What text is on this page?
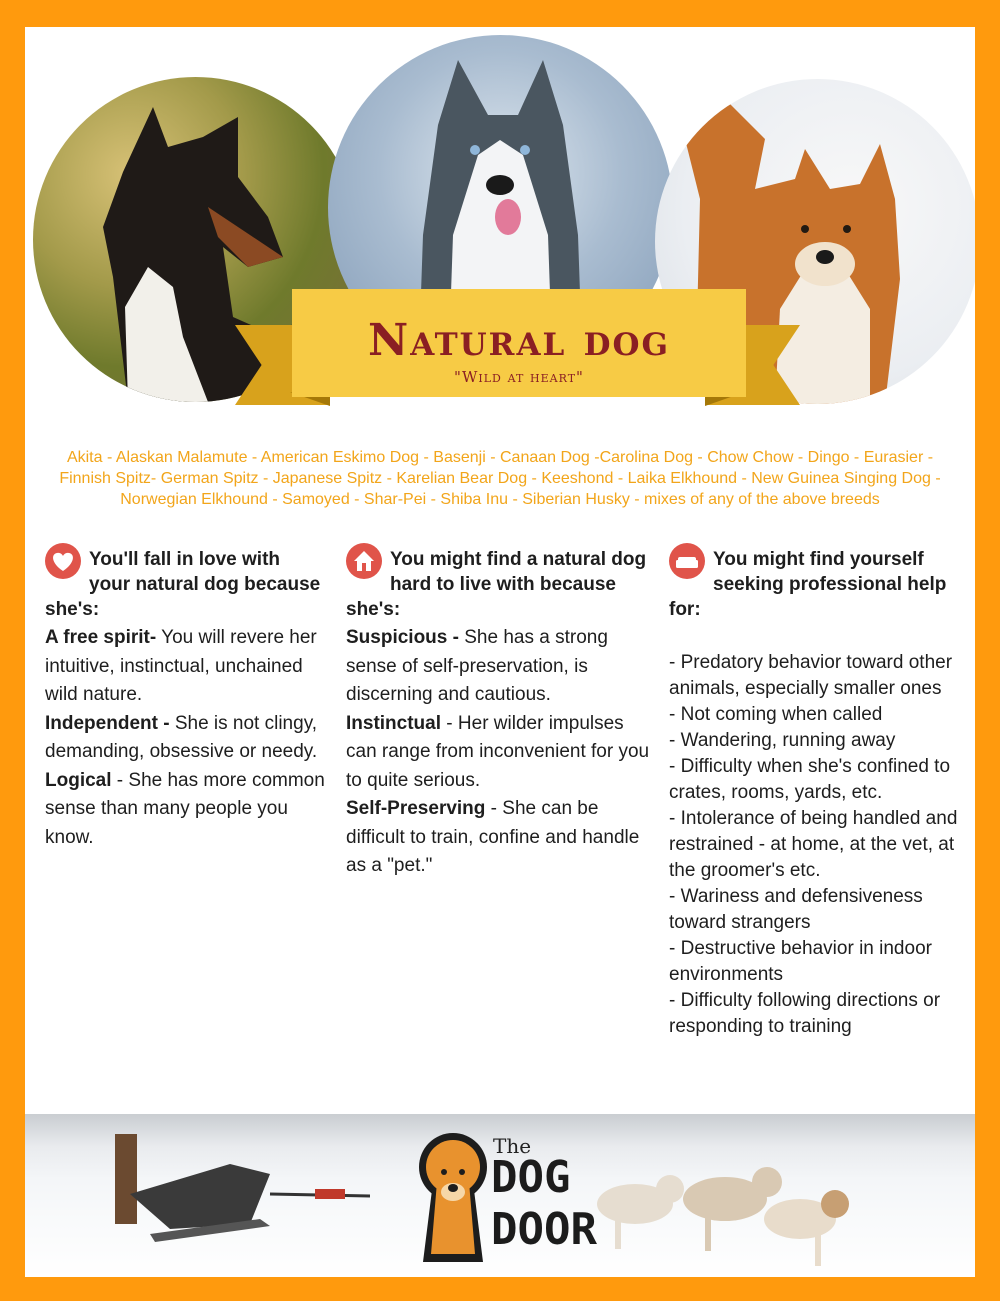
Natural dog
"Wild at heart"
Akita - Alaskan Malamute - American Eskimo Dog - Basenji - Canaan Dog -Carolina Dog - Chow Chow - Dingo - Eurasier -
Finnish Spitz- German Spitz - Japanese Spitz - Karelian Bear Dog - Keeshond - Laika Elkhound - New Guinea Singing Dog -
Norwegian Elkhound - Samoyed - Shar-Pei - Shiba Inu - Siberian Husky - mixes of any of the above breeds
You'll fall in love with your natural dog because she's:

A free spirit- You will revere her intuitive, instinctual, unchained wild nature.

Independent - She is not clingy, demanding, obsessive or needy.

Logical - She has more common sense than many people you know.

You might find a natural dog hard to live with because she's:

Suspicious - She has a strong sense of self-preservation, is discerning and cautious.

Instinctual - Her wilder impulses can range from inconvenient for you to quite serious.

Self-Preserving - She can be difficult to train, confine and handle as a "pet."

You might find yourself seeking professional help for:

- Predatory behavior toward other animals, especially smaller ones

- Not coming when called

- Wandering, running away

- Difficulty when she's confined to crates, rooms, yards, etc.

- Intolerance of being handled and restrained - at home, at the vet, at the groomer's etc.

- Wariness and defensiveness toward strangers

- Destructive behavior in indoor environments

- Difficulty following directions or responding to training

The
DOG
DOOR
